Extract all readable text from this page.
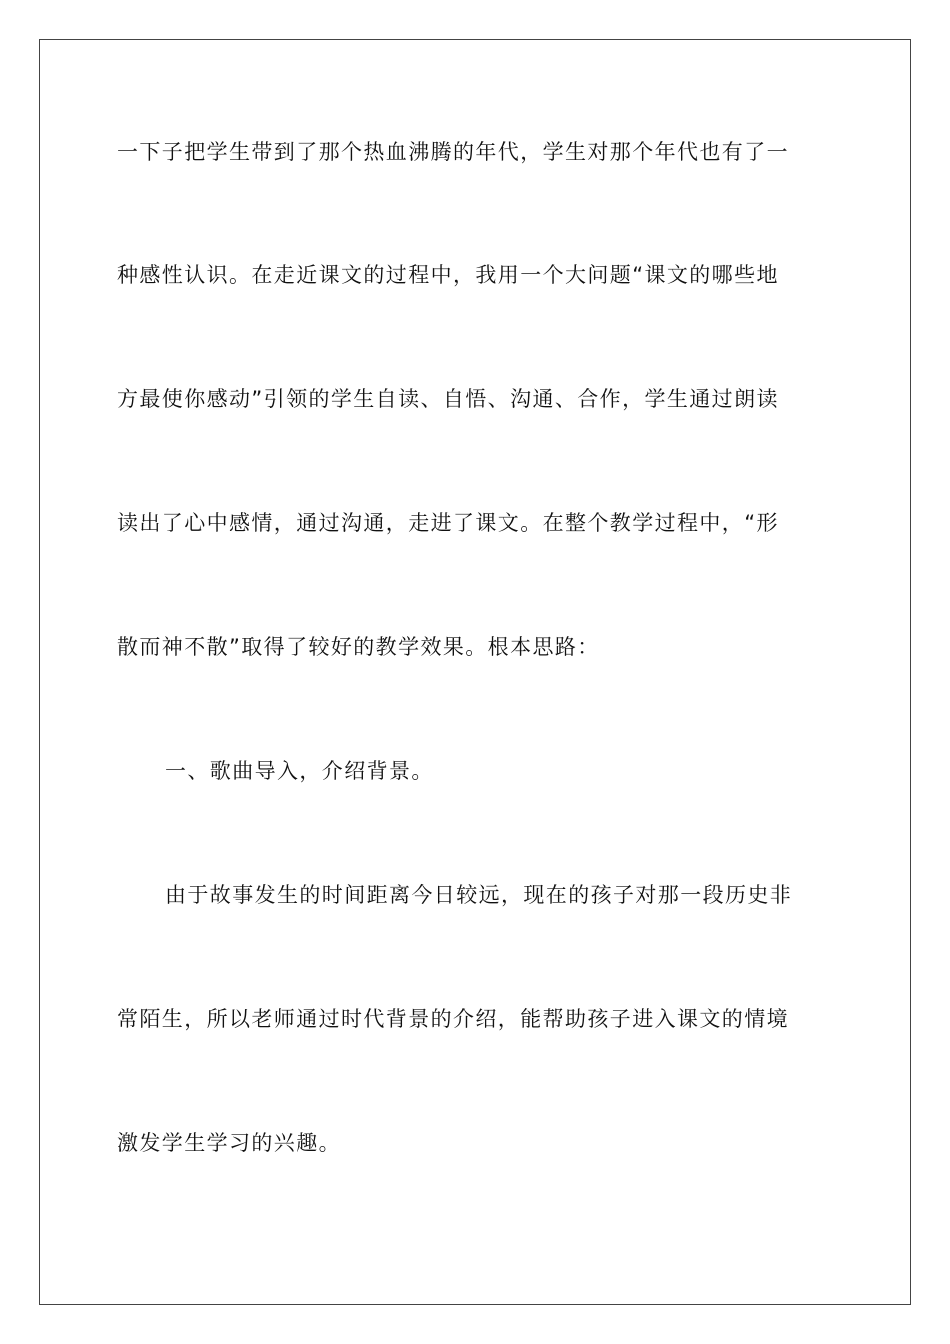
一下子把学生带到了那个热血沸腾的年代，学生对那个年代也有了一
种感性认识。在走近课文的过程中，我用一个大问题“课文的哪些地
方最使你感动”引领的学生自读、自悟、沟通、合作，学生通过朗读
读出了心中感情，通过沟通，走进了课文。在整个教学过程中，“形
散而神不散”取得了较好的教学效果。根本思路：
一、歌曲导入，介绍背景。
由于故事发生的时间距离今日较远，现在的孩子对那一段历史非
常陌生，所以老师通过时代背景的介绍，能帮助孩子进入课文的情境
激发学生学习的兴趣。
